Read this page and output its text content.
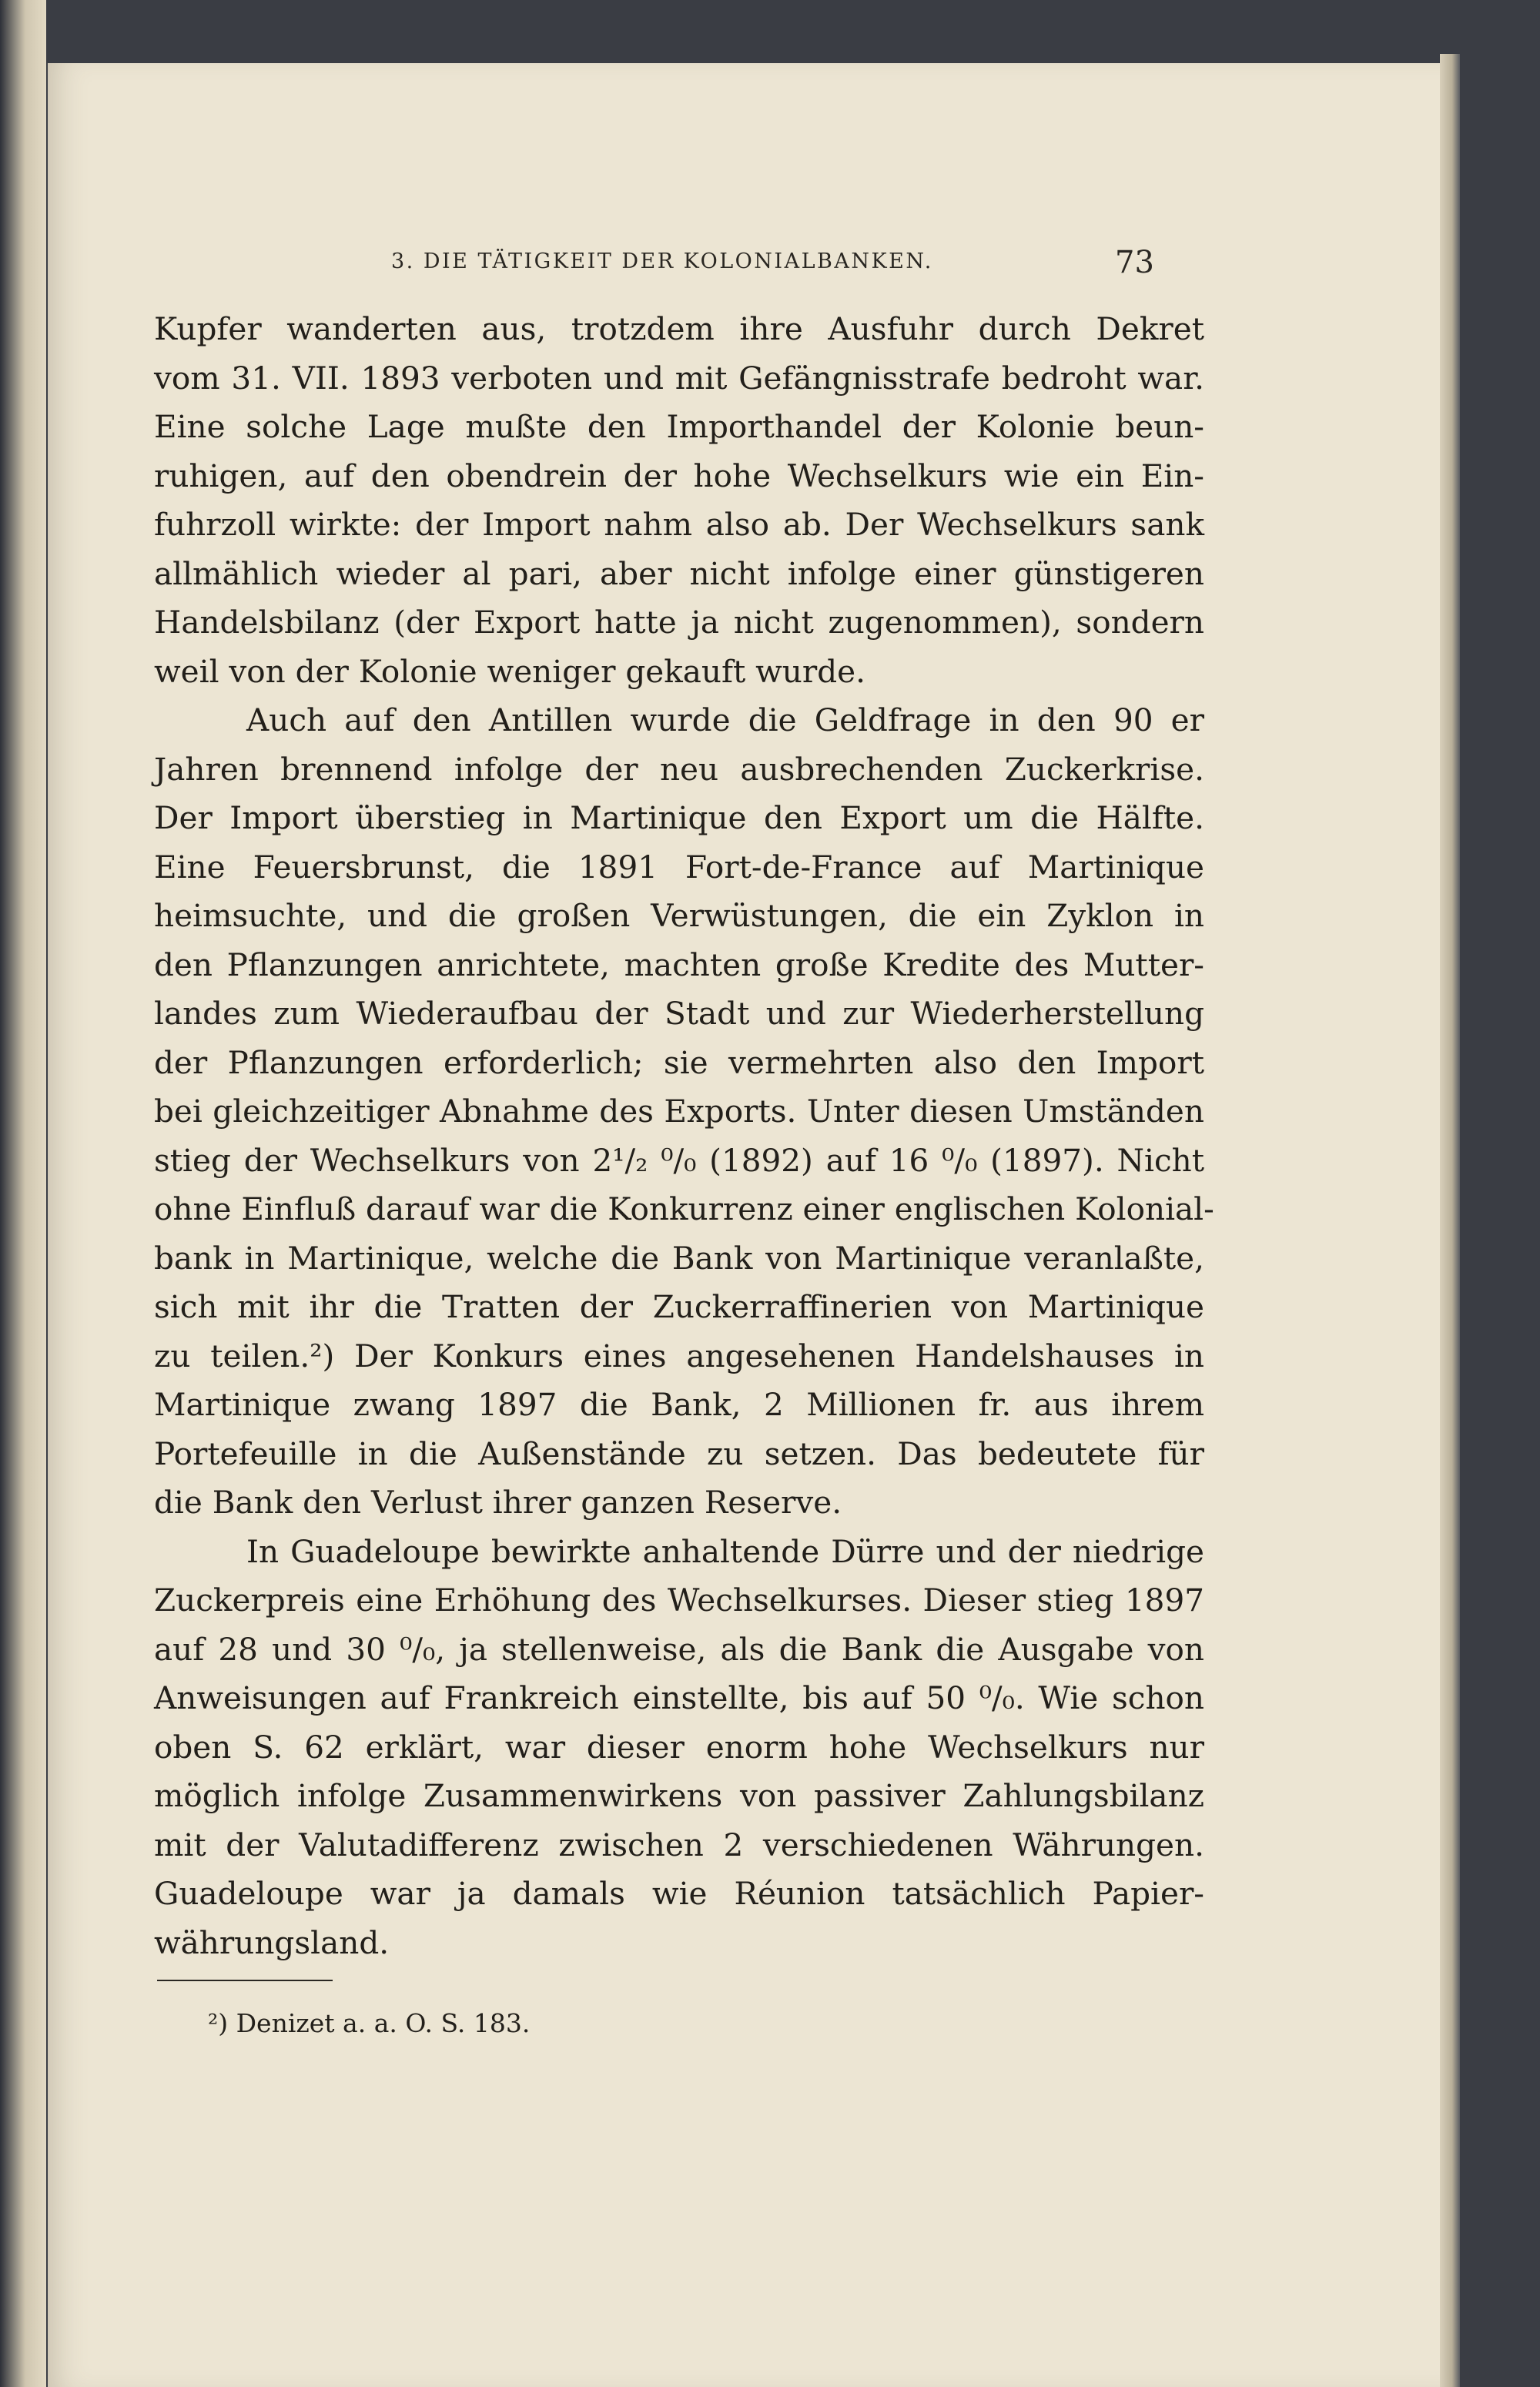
3. DIE TÄTIGKEIT DER KOLONIALBANKEN.	73
Kupfer wanderten aus, trotzdem ihre Ausfuhr durch Dekret
vom 31. VII. 1893 verboten und mit Gefängnisstrafe bedroht war.
Eine solche Lage mußte den Importhandel der Kolonie beun-
ruhigen, auf den obendrein der hohe Wechselkurs wie ein Ein-
fuhrzoll wirkte: der Import nahm also ab. Der Wechselkurs sank
allmählich wieder al pari, aber nicht infolge einer günstigeren
Handelsbilanz (der Export hatte ja nicht zugenommen), sondern
weil von der Kolonie weniger gekauft wurde.
Auch auf den Antillen wurde die Geldfrage in den 90 er
Jahren brennend infolge der neu ausbrechenden Zuckerkrise.
Der Import überstieg in Martinique den Export um die Hälfte.
Eine Feuersbrunst, die 1891 Fort-de-France auf Martinique
heimsuchte, und die großen Verwüstungen, die ein Zyklon in
den Pflanzungen anrichtete, machten große Kredite des Mutter-
landes zum Wiederaufbau der Stadt und zur Wiederherstellung
der Pflanzungen erforderlich; sie vermehrten also den Import
bei gleichzeitiger Abnahme des Exports. Unter diesen Umständen
stieg der Wechselkurs von 2¹/₂ ⁰/₀ (1892) auf 16 ⁰/₀ (1897). Nicht
ohne Einfluß darauf war die Konkurrenz einer englischen Kolonial-
bank in Martinique, welche die Bank von Martinique veranlaßte,
sich mit ihr die Tratten der Zuckerraffinerien von Martinique
zu teilen.²) Der Konkurs eines angesehenen Handelshauses in
Martinique zwang 1897 die Bank, 2 Millionen fr. aus ihrem
Portefeuille in die Außenstände zu setzen. Das bedeutete für
die Bank den Verlust ihrer ganzen Reserve.
In Guadeloupe bewirkte anhaltende Dürre und der niedrige
Zuckerpreis eine Erhöhung des Wechselkurses. Dieser stieg 1897
auf 28 und 30 ⁰/₀, ja stellenweise, als die Bank die Ausgabe von
Anweisungen auf Frankreich einstellte, bis auf 50 ⁰/₀. Wie schon
oben S. 62 erklärt, war dieser enorm hohe Wechselkurs nur
möglich infolge Zusammenwirkens von passiver Zahlungsbilanz
mit der Valutadifferenz zwischen 2 verschiedenen Währungen.
Guadeloupe war ja damals wie Réunion tatsächlich Papier-
währungsland.
²) Denizet a. a. O. S. 183.
